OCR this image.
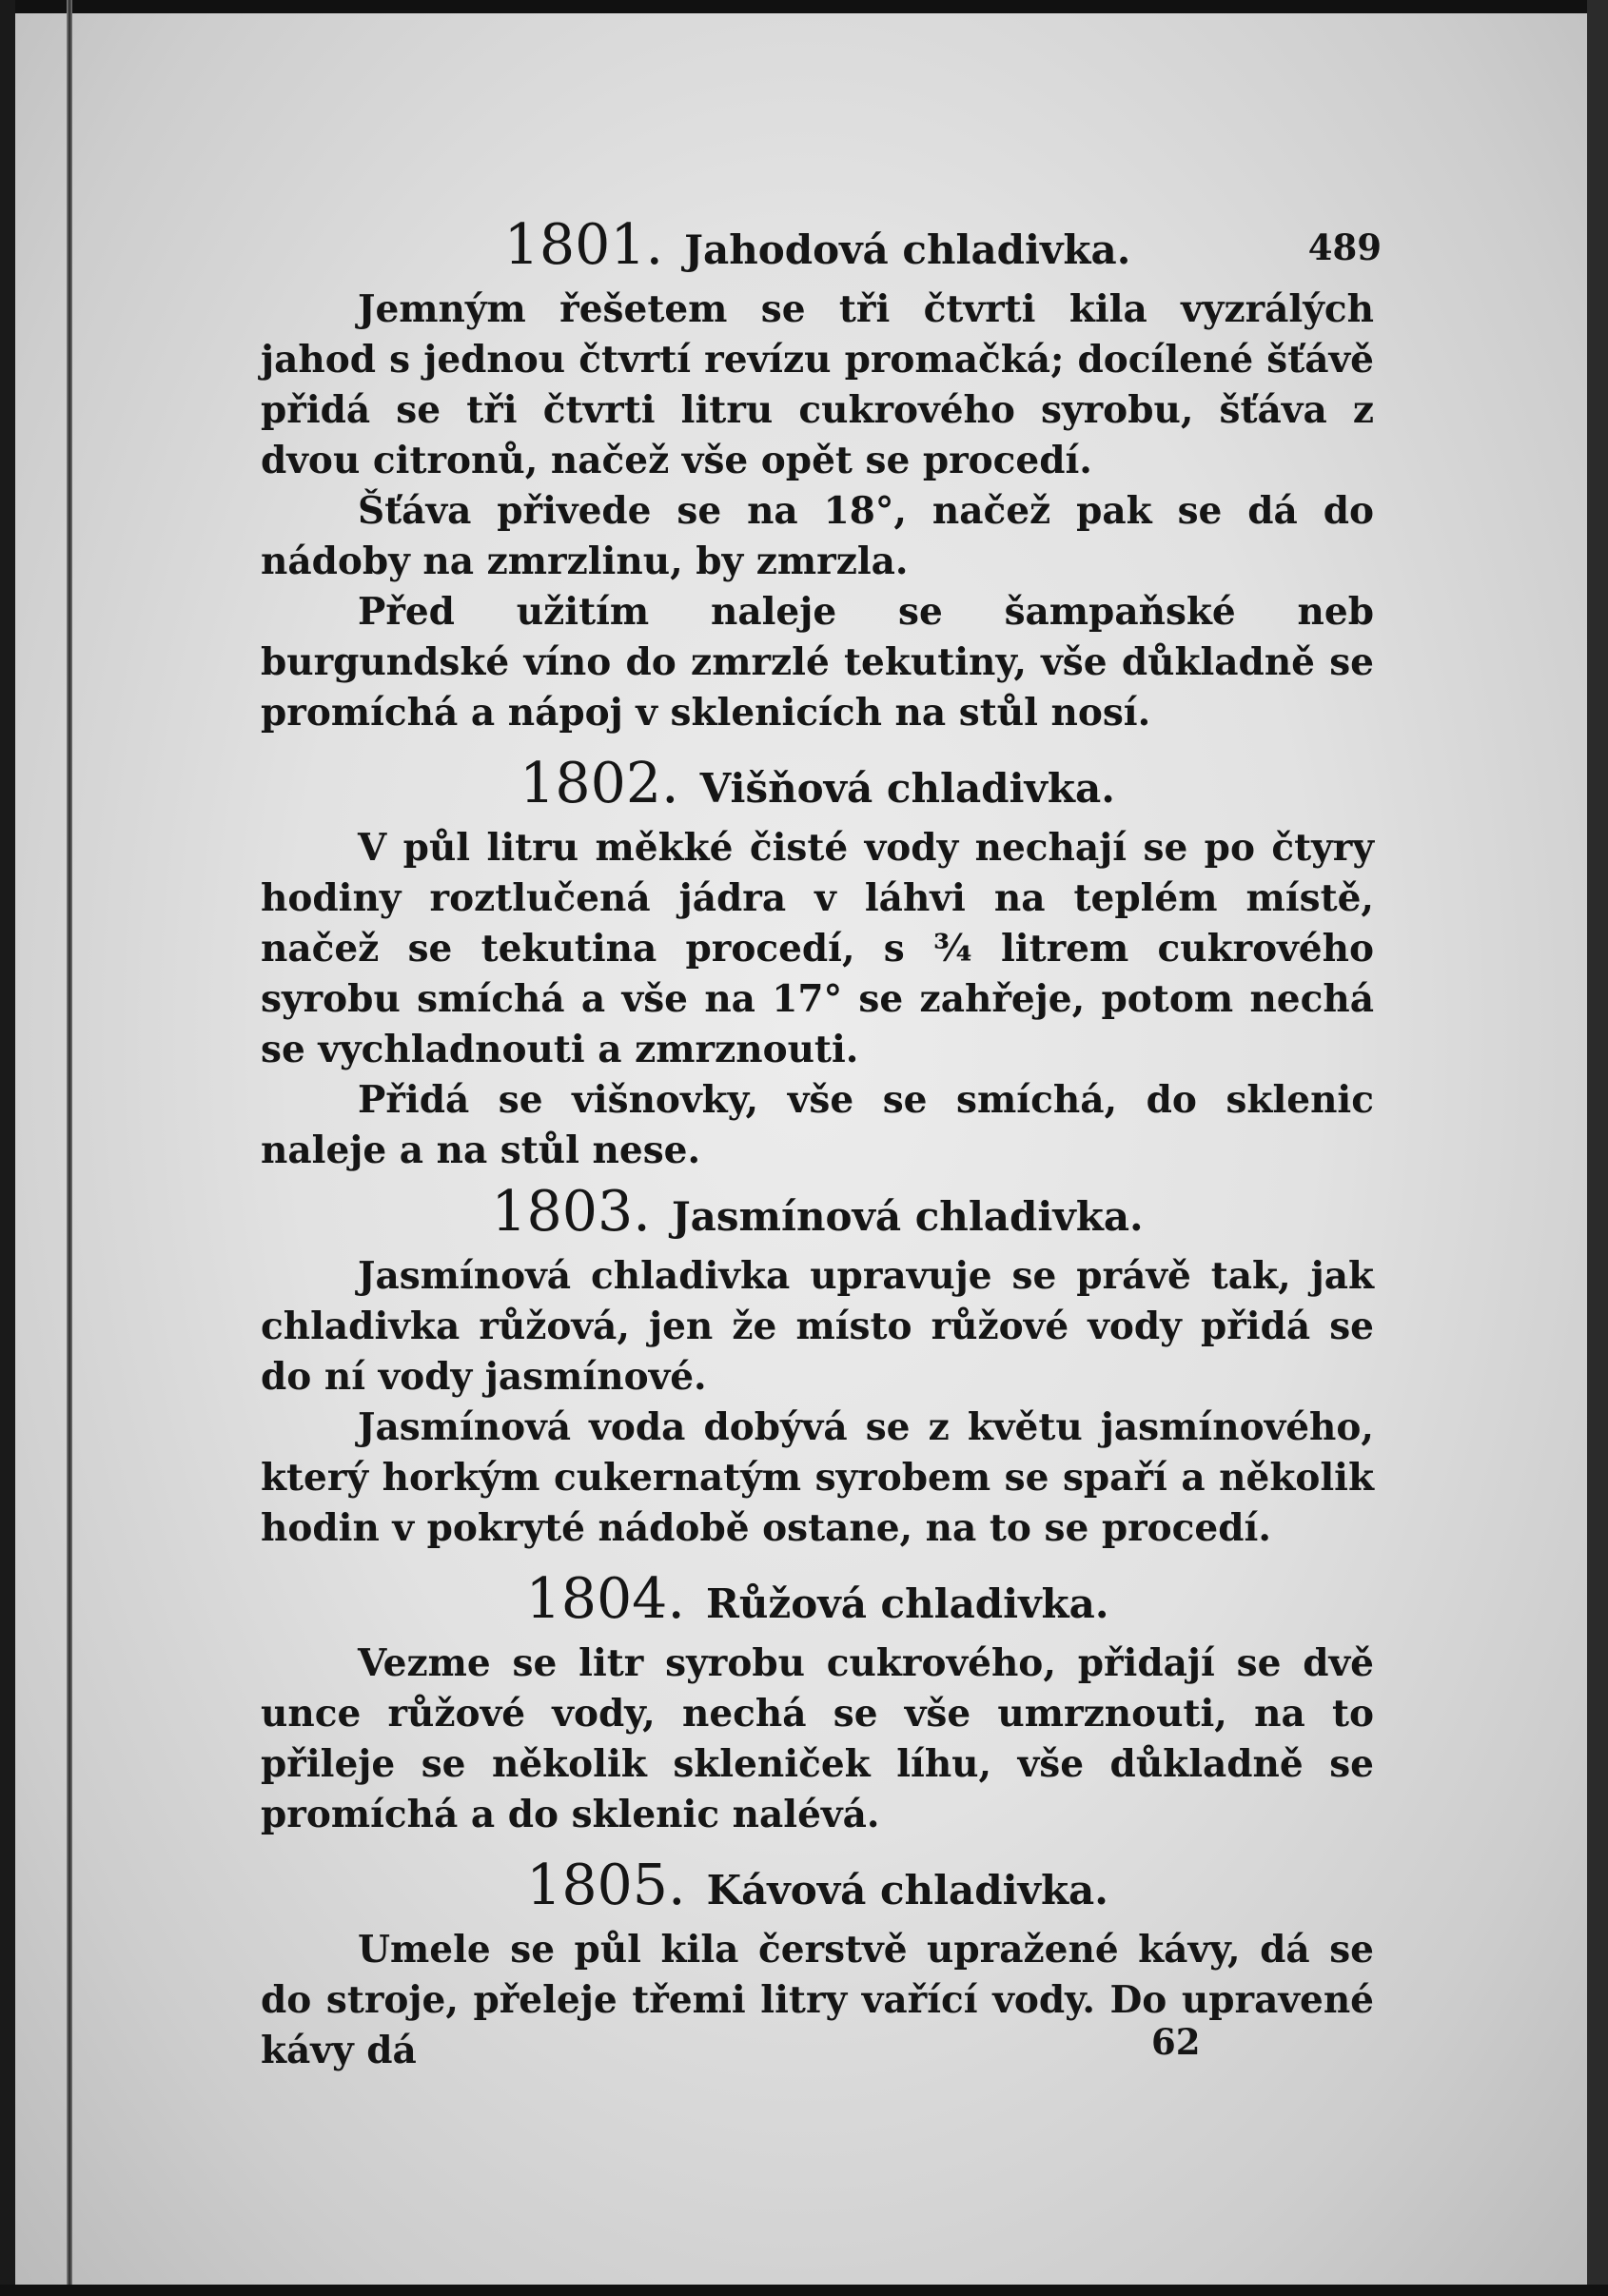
489
1801. Jahodová chladivka.

Jemným řešetem se tři čtvrti kila vyzrálých jahod s jednou čtvrtí revízu promačká; docílené šťávě přidá se tři čtvrti litru cukrového syrobu, šťáva z dvou citronů, načež vše opět se procedí.

Šťáva přivede se na 18°, načež pak se dá do nádoby na zmrzlinu, by zmrzla.

Před užitím naleje se šampaňské neb burgundské víno do zmrzlé tekutiny, vše důkladně se promíchá a nápoj v sklenicích na stůl nosí.

1802. Višňová chladivka.

V půl litru měkké čisté vody nechají se po čtyry hodiny roztlučená jádra v láhvi na teplém místě, načež se tekutina procedí, s ¾ litrem cukrového syrobu smíchá a vše na 17° se zahřeje, potom nechá se vychladnouti a zmrznouti.

Přidá se višnovky, vše se smíchá, do sklenic naleje a na stůl nese.

1803. Jasmínová chladivka.

Jasmínová chladivka upravuje se právě tak, jak chladivka růžová, jen že místo růžové vody přidá se do ní vody jasmínové.

Jasmínová voda dobývá se z květu jasmínového, který horkým cukernatým syrobem se spaří a několik hodin v pokryté nádobě ostane, na to se procedí.

1804. Růžová chladivka.

Vezme se litr syrobu cukrového, přidají se dvě unce růžové vody, nechá se vše umrznouti, na to přileje se několik skleniček líhu, vše důkladně se promíchá a do sklenic nalévá.

1805. Kávová chladivka.

Umele se půl kila čerstvě upražené kávy, dá se do stroje, přeleje třemi litry vařící vody. Do upravené kávy dá	62
